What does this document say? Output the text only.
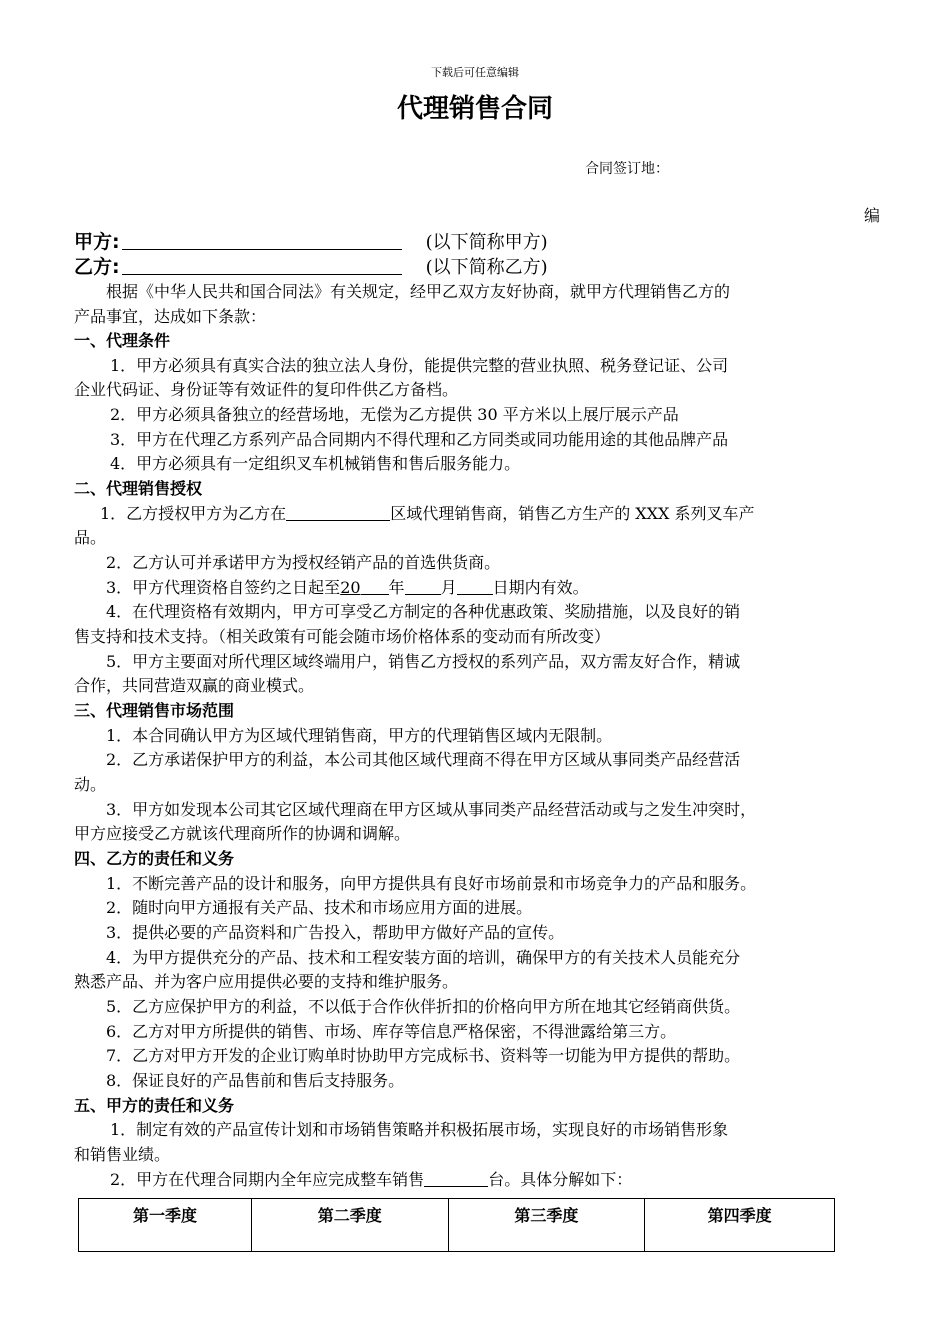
下载后可任意编辑
代理销售合同
合同签订地：
编
甲方:	(以下简称甲方)
乙方:	(以下简称乙方)
根据《中华人民共和国合同法》有关规定，经甲乙双方友好协商，就甲方代理销售乙方的
产品事宜，达成如下条款：
一、代理条件
1．甲方必须具有真实合法的独立法人身份，能提供完整的营业执照、税务登记证、公司
企业代码证、身份证等有效证件的复印件供乙方备档。
2．甲方必须具备独立的经营场地，无偿为乙方提供 30 平方米以上展厅展示产品
3．甲方在代理乙方系列产品合同期内不得代理和乙方同类或同功能用途的其他品牌产品
4．甲方必须具有一定组织叉车机械销售和售后服务能力。
二、代理销售授权
1．乙方授权甲方为乙方在	区域代理销售商，销售乙方生产的 XXX 系列叉车产
品。
2．乙方认可并承诺甲方为授权经销产品的首选供货商。
3．甲方代理资格自签约之日起至20 年 月 日期内有效。
4．在代理资格有效期内，甲方可享受乙方制定的各种优惠政策、奖励措施，以及良好的销
售支持和技术支持。（相关政策有可能会随市场价格体系的变动而有所改变）
5．甲方主要面对所代理区域终端用户，销售乙方授权的系列产品，双方需友好合作，精诚
合作，共同营造双赢的商业模式。
三、代理销售市场范围
1．本合同确认甲方为区域代理销售商，甲方的代理销售区域内无限制。
2．乙方承诺保护甲方的利益，本公司其他区域代理商不得在甲方区域从事同类产品经营活
动。
3．甲方如发现本公司其它区域代理商在甲方区域从事同类产品经营活动或与之发生冲突时，
甲方应接受乙方就该代理商所作的协调和调解。
四、乙方的责任和义务
1．不断完善产品的设计和服务，向甲方提供具有良好市场前景和市场竞争力的产品和服务。
2．随时向甲方通报有关产品、技术和市场应用方面的进展。
3．提供必要的产品资料和广告投入，帮助甲方做好产品的宣传。
4．为甲方提供充分的产品、技术和工程安装方面的培训，确保甲方的有关技术人员能充分
熟悉产品、并为客户应用提供必要的支持和维护服务。
5．乙方应保护甲方的利益，不以低于合作伙伴折扣的价格向甲方所在地其它经销商供货。
6．乙方对甲方所提供的销售、市场、库存等信息严格保密，不得泄露给第三方。
7．乙方对甲方开发的企业订购单时协助甲方完成标书、资料等一切能为甲方提供的帮助。
8．保证良好的产品售前和售后支持服务。
五、甲方的责任和义务
1．制定有效的产品宣传计划和市场销售策略并积极拓展市场，实现良好的市场销售形象
和销售业绩。
2．甲方在代理合同期内全年应完成整车销售	台。具体分解如下：
第一季度	第二季度	第三季度	第四季度
